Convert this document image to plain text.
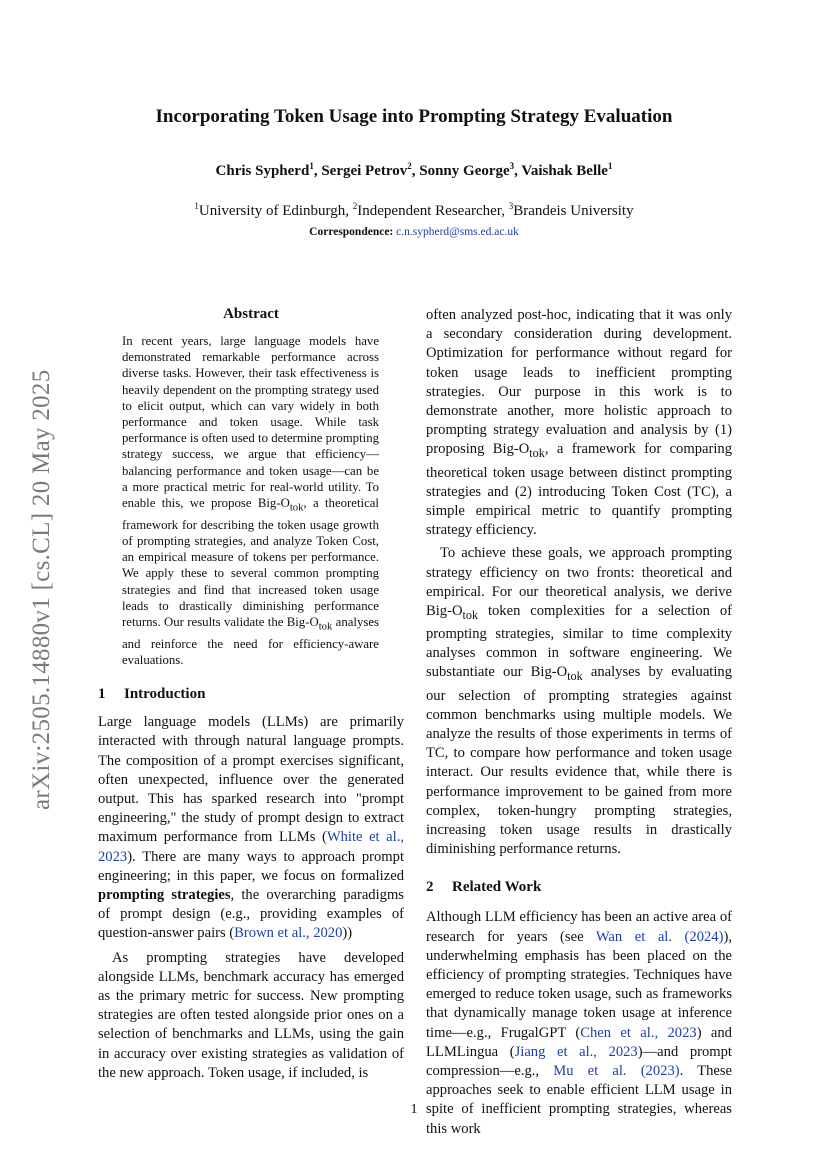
arXiv:2505.14880v1 [cs.CL] 20 May 2025
Incorporating Token Usage into Prompting Strategy Evaluation
Chris Sypherd$^1$, Sergei Petrov$^2$, Sonny George$^3$, Vaishak Belle$^1$
$^1$University of Edinburgh, $^2$Independent Researcher, $^3$Brandeis University
Correspondence: c.n.sypherd@sms.ed.ac.uk
Abstract
In recent years, large language models have demonstrated remarkable performance across diverse tasks. However, their task effectiveness is heavily dependent on the prompting strategy used to elicit output, which can vary widely in both performance and token usage. While task performance is often used to determine prompting strategy success, we argue that efficiency—balancing performance and token usage—can be a more practical metric for real-world utility. To enable this, we propose Big-$O_{tok}$, a theoretical framework for describing the token usage growth of prompting strategies, and analyze Token Cost, an empirical measure of tokens per performance. We apply these to several common prompting strategies and find that increased token usage leads to drastically diminishing performance returns. Our results validate the Big-$O_{tok}$ analyses and reinforce the need for efficiency-aware evaluations.
1 Introduction

Large language models (LLMs) are primarily interacted with through natural language prompts. The composition of a prompt exercises significant, often unexpected, influence over the generated output. This has sparked research into "prompt engineering," the study of prompt design to extract maximum performance from LLMs (White et al., 2023). There are many ways to approach prompt engineering; in this paper, we focus on formalized prompting strategies, the overarching paradigms of prompt design (e.g., providing examples of question-answer pairs (Brown et al., 2020))

As prompting strategies have developed alongside LLMs, benchmark accuracy has emerged as the primary metric for success. New prompting strategies are often tested alongside prior ones on a selection of benchmarks and LLMs, using the gain in accuracy over existing strategies as validation of the new approach. Token usage, if included, is

often analyzed post-hoc, indicating that it was only a secondary consideration during development. Optimization for performance without regard for token usage leads to inefficient prompting strategies. Our purpose in this work is to demonstrate another, more holistic approach to prompting strategy evaluation and analysis by (1) proposing Big-$O_{tok}$, a framework for comparing theoretical token usage between distinct prompting strategies and (2) introducing Token Cost (TC), a simple empirical metric to quantify prompting strategy efficiency.

To achieve these goals, we approach prompting strategy efficiency on two fronts: theoretical and empirical. For our theoretical analysis, we derive Big-$O_{tok}$ token complexities for a selection of prompting strategies, similar to time complexity analyses common in software engineering. We substantiate our Big-$O_{tok}$ analyses by evaluating our selection of prompting strategies against common benchmarks using multiple models. We analyze the results of those experiments in terms of TC, to compare how performance and token usage interact. Our results evidence that, while there is performance improvement to be gained from more complex, token-hungry prompting strategies, increasing token usage results in drastically diminishing performance returns.

2 Related Work

Although LLM efficiency has been an active area of research for years (see Wan et al. (2024)), underwhelming emphasis has been placed on the efficiency of prompting strategies. Techniques have emerged to reduce token usage, such as frameworks that dynamically manage token usage at inference time—e.g., FrugalGPT (Chen et al., 2023) and LLMLingua (Jiang et al., 2023)—and prompt compression—e.g., Mu et al. (2023). These approaches seek to enable efficient LLM usage in spite of inefficient prompting strategies, whereas this work

1
